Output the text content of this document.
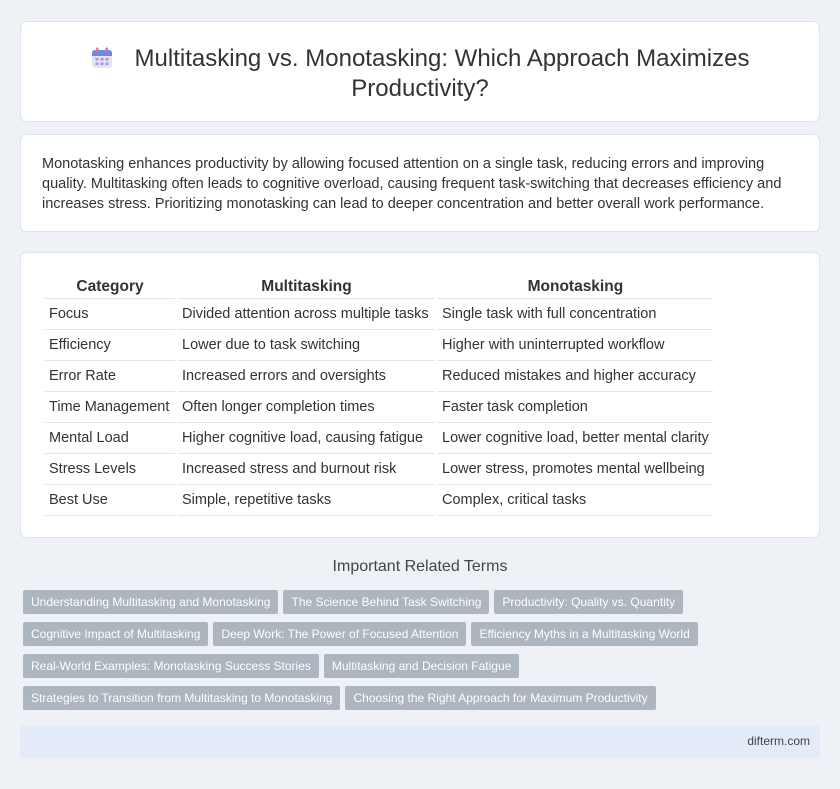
Multitasking vs. Monotasking: Which Approach Maximizes Productivity?

Monotasking enhances productivity by allowing focused attention on a single task, reducing errors and improving quality. Multitasking often leads to cognitive overload, causing frequent task-switching that decreases efficiency and increases stress. Prioritizing monotasking can lead to deeper concentration and better overall work performance.

Category	Multitasking	Monotasking
Focus	Divided attention across multiple tasks	Single task with full concentration
Efficiency	Lower due to task switching	Higher with uninterrupted workflow
Error Rate	Increased errors and oversights	Reduced mistakes and higher accuracy
Time Management	Often longer completion times	Faster task completion
Mental Load	Higher cognitive load, causing fatigue	Lower cognitive load, better mental clarity
Stress Levels	Increased stress and burnout risk	Lower stress, promotes mental wellbeing
Best Use	Simple, repetitive tasks	Complex, critical tasks
Important Related Terms
Understanding Multitasking and Monotasking The Science Behind Task Switching Productivity: Quality vs. Quantity
Cognitive Impact of Multitasking Deep Work: The Power of Focused Attention Efficiency Myths in a Multitasking World
Real-World Examples: Monotasking Success Stories Multitasking and Decision Fatigue
Strategies to Transition from Multitasking to Monotasking Choosing the Right Approach for Maximum Productivity
difterm.com
